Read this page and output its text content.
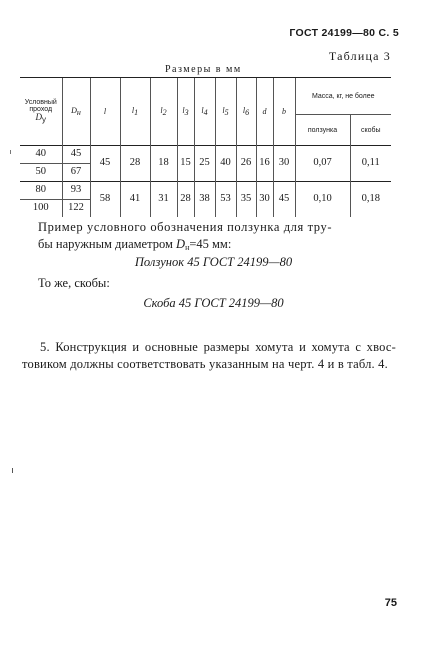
ГОСТ 24199—80 С. 5
Таблица 3
Размеры в мм
Условный проход
Dу	Dн	l	l1	l2	l3	l4	l5	l6	d	b	Масса, кг, не более	
											ползунка	скобы
40	45	45	28	18	15	25	40	26	16	30	0,07	0,11
50	67											
80	93	58	41	31	28	38	53	35	30	45	0,10	0,18
100	122											
Пример условного обозначения ползунка для тру-
бы наружным диаметром Dн=45 мм:
Ползунок 45 ГОСТ 24199—80
То же, скобы:
Скоба 45 ГОСТ 24199—80
5. Конструкция и основные размеры хомута и хомута с хвос-товиком должны соответствовать указанным на черт. 4 и в табл. 4.
75
